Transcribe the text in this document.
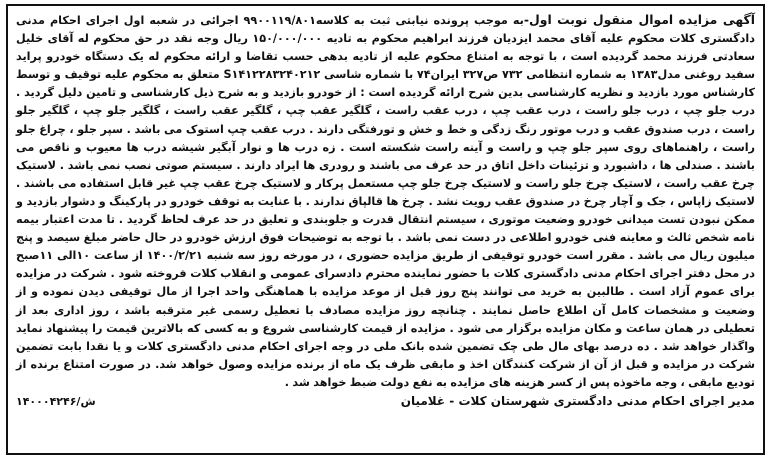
آگهی مزایده اموال منقول نوبت اول-به موجب پرونده نیابتی ثبت به کلاسه۹۹۰۰۱۱۹/۸۰۱ اجرائی در شعبه اول اجرای احکام مدنی دادگستری کلات محکوم علیه آقای محمد ایزدیان فرزند ابراهیم محکوم به تادیه ۱۵۰/۰۰۰/۰۰۰ ریال وجه نقد در حق محکوم له آقای خلیل سعادتی فرزند محمد گردیده است ، با توجه به امتناع محکوم علیه از تادیه بدهی حسب تقاضا و ارائه محکوم له یک دستگاه خودرو پراید سفید روغنی مدل۱۳۸۳ به شماره انتظامی ۷۳۲ ص۳۲۷ ایران۷۴ با شماره شاسی S۱۴۱۲۲۸۳۲۴۰۲۱۲ متعلق به محکوم علیه توقیف و توسط کارشناس مورد بازدید و نظریه کارشناسی بدین شرح ارائه گردیده است : از خودرو بازدید و به شرح ذیل کارشناسی و تامین دلیل گردید . درب جلو چپ ، درب جلو راست ، درب عقب چپ ، درب عقب راست ، گلگیر عقب چپ ، گلگیر عقب راست ، گلگیر جلو چپ ، گلگیر جلو راست ، درب صندوق عقب و درب موتور رنگ زدگی و خط و خش و تورفتگی دارند . درب عقب چپ استوک می باشد . سپر جلو ، چراغ جلو راست ، راهنماهای روی سپر جلو چپ و راست و آینه راست شکسته است . زه درب ها و نوار آبگیر شیشه درب ها معیوب و ناقص می باشند . صندلی ها ، داشبورد و تزئینات داخل اتاق در حد عرف می باشند و رودری ها ایراد دارند . سیستم صوتی نصب نمی باشد . لاستیک چرخ عقب راست ، لاستیک چرخ جلو راست و لاستیک چرخ جلو چپ مستعمل پرکار و لاستیک چرخ عقب چپ غیر قابل استفاده می باشند . لاستیک زاپاس ، جک و آچار چرخ در صندوق عقب رویت نشد . چرخ ها قالپاق ندارند . با عنایت به توقف خودرو در پارکینگ و دشوار بازدید و ممکن نبودن تست میدانی خودرو وضعیت موتوری ، سیستم انتقال قدرت و جلوبندی و تعلیق در حد عرف لحاظ گردید . تا مدت اعتبار بیمه نامه شخص ثالث و معاینه فنی خودرو اطلاعی در دست نمی باشد . با توجه به توضیحات فوق ارزش خودرو در حال حاضر مبلغ سیصد و پنج میلیون ریال می باشد . مقرر است خودرو توقیفی از طریق مزایده حضوری ، در مورخه روز سه شنبه ۱۴۰۰/۲/۲۱ از ساعت ۱۰الی ۱۱صبح در محل دفتر اجرای احکام مدنی دادگستری کلات با حضور نماینده محترم دادسرای عمومی و انقلاب کلات فروخته شود . شرکت در مزایده برای عموم آزاد است . طالبین به خرید می توانند پنج روز قبل از موعد مزایده با هماهنگی واحد اجرا از مال توقیفی دیدن نموده و از وضعیت و مشخصات کامل آن اطلاع حاصل نمایند . چنانچه روز مزایده مصادف با تعطیل رسمی غیر مترقبه باشد ، روز اداری بعد از تعطیلی در همان ساعت و مکان مزایده برگزار می شود . مزایده از قیمت کارشناسی شروع و به کسی که بالاترین قیمت را پیشنهاد نماید واگذار خواهد شد . ده درصد بهای مال طی چک تضمین شده بانک ملی در وجه اجرای احکام مدنی دادگستری کلات و یا نقدا بابت تضمین شرکت در مزایده و قبل از آن از شرکت کنندگان اخذ و مابقی ظرف یک ماه از برنده مزایده وصول خواهد شد. در صورت امتناع برنده از تودیع مابقی ، وجه ماخوذه پس از کسر هزینه های مزایده به نفع دولت ضبط خواهد شد .
مدیر اجرای احکام مدنی دادگستری شهرستان کلات - غلامیان
۱۴۰۰۰۴۲۴۶/ش
